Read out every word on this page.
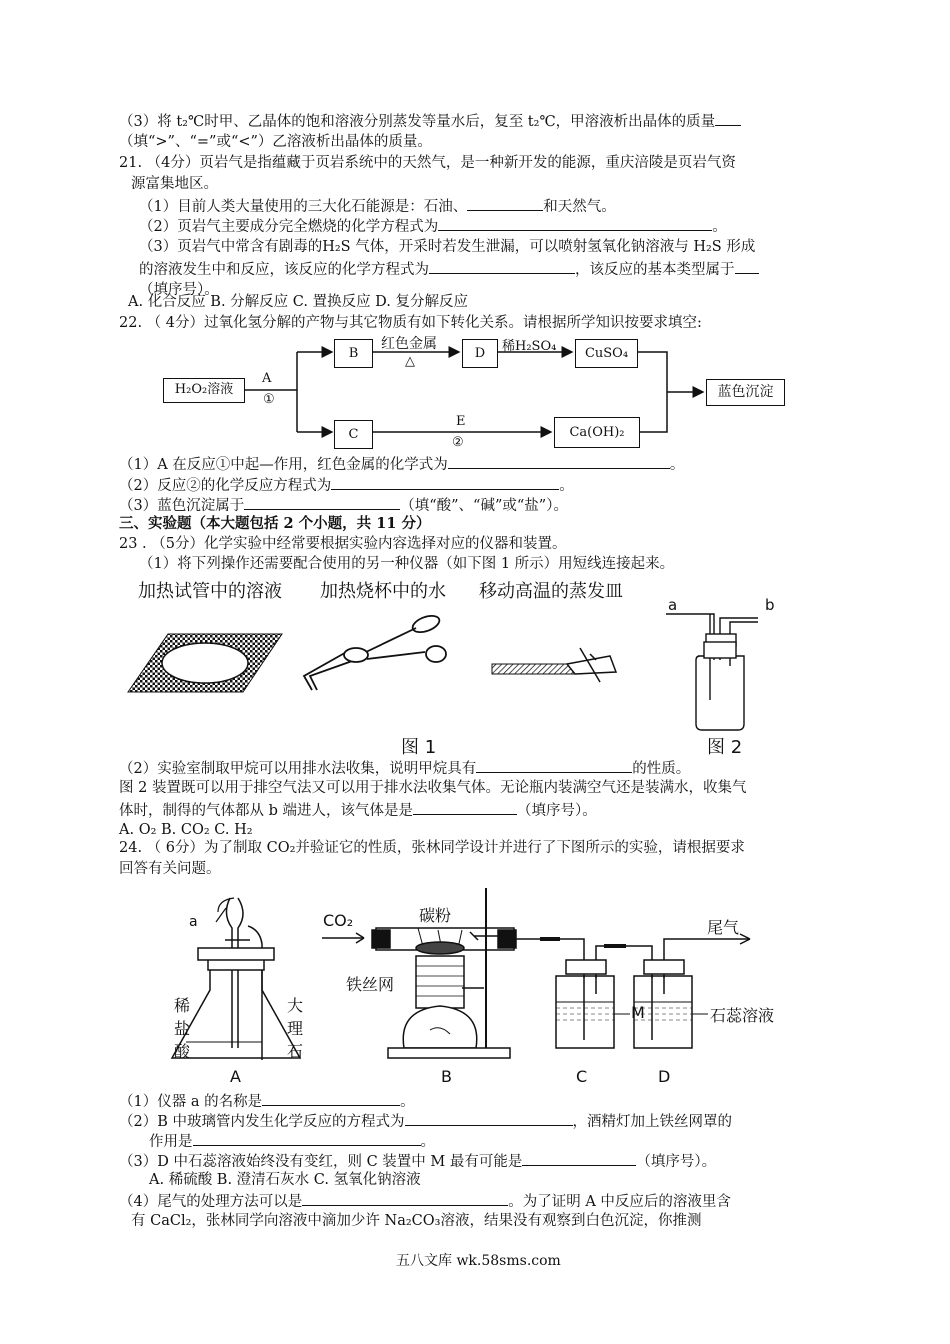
（3）将 t₂℃时甲、乙晶体的饱和溶液分别蒸发等量水后，复至 t₂℃，甲溶液析出晶体的质量
（填“>”、“=”或“<”）乙溶液析出晶体的质量。
21. （4分）页岩气是指蕴藏于页岩系统中的天然气，是一种新开发的能源，重庆涪陵是页岩气资
源富集地区。
（1）目前人类大量使用的三大化石能源是：石油、	和天然气。
（2）页岩气主要成分完全燃烧的化学方程式为	。
（3）页岩气中常含有剧毒的H₂S 气体，开采时若发生泄漏，可以喷射氢氧化钠溶液与 H₂S 形成
的溶液发生中和反应，该反应的化学方程式为	，该反应的基本类型属于
（填序号）。
A. 化合反应 B. 分解反应 C. 置换反应 D. 复分解反应
22. （ 4分）过氧化氢分解的产物与其它物质有如下转化关系。请根据所学知识按要求填空:
H₂O₂溶液
B	D	CuSO₄
C	Ca(OH)₂
蓝色沉淀
A
①
红色金属
△
稀H₂SO₄
E
②
（1）A 在反应①中起—作用，红色金属的化学式为	。
（2）反应②的化学反应方程式为	。
（3）蓝色沉淀属于	（填“酸”、“碱”或“盐”）。
三、实验题（本大题包括 2 个小题，共 11 分）
23 . （5分）化学实验中经常要根据实验内容选择对应的仪器和装置。
（1）将下列操作还需要配合使用的另一种仪器（如下图 1 所示）用短线连接起来。
加热试管中的溶液 加热烧杯中的水 移动高温的蒸发皿
a	b
图 1	图 2
（2）实验室制取甲烷可以用排水法收集，说明甲烷具有	的性质。
图 2 装置既可以用于排空气法又可以用于排水法收集气体。无论瓶内装满空气还是装满水，收集气
体时，制得的气体都从 b 端进人，该气体是是	（填序号）。
A. O₂ B. CO₂ C. H₂
24. （ 6分）为了制取 CO₂并验证它的性质，张林同学设计并进行了下图所示的实验，请根据要求
回答有关问题。
a	CO₂	碳粉
尾气
铁丝网
稀
盐
酸
大
理
石
M	石蕊溶液
A	B	C	D
（1）仪器 a 的名称是	。
（2）B 中玻璃管内发生化学反应的方程式为	，酒精灯加上铁丝网罩的
作用是	。
（3）D 中石蕊溶液始终没有变红，则 C 装置中 M 最有可能是	（填序号）。
A. 稀硫酸 B. 澄清石灰水 C. 氢氧化钠溶液
（4）尾气的处理方法可以是	。为了证明 A 中反应后的溶液里含
有 CaCl₂，张林同学向溶液中滴加少许 Na₂CO₃溶液，结果没有观察到白色沉淀，你推测
五八文库 wk.58sms.com
